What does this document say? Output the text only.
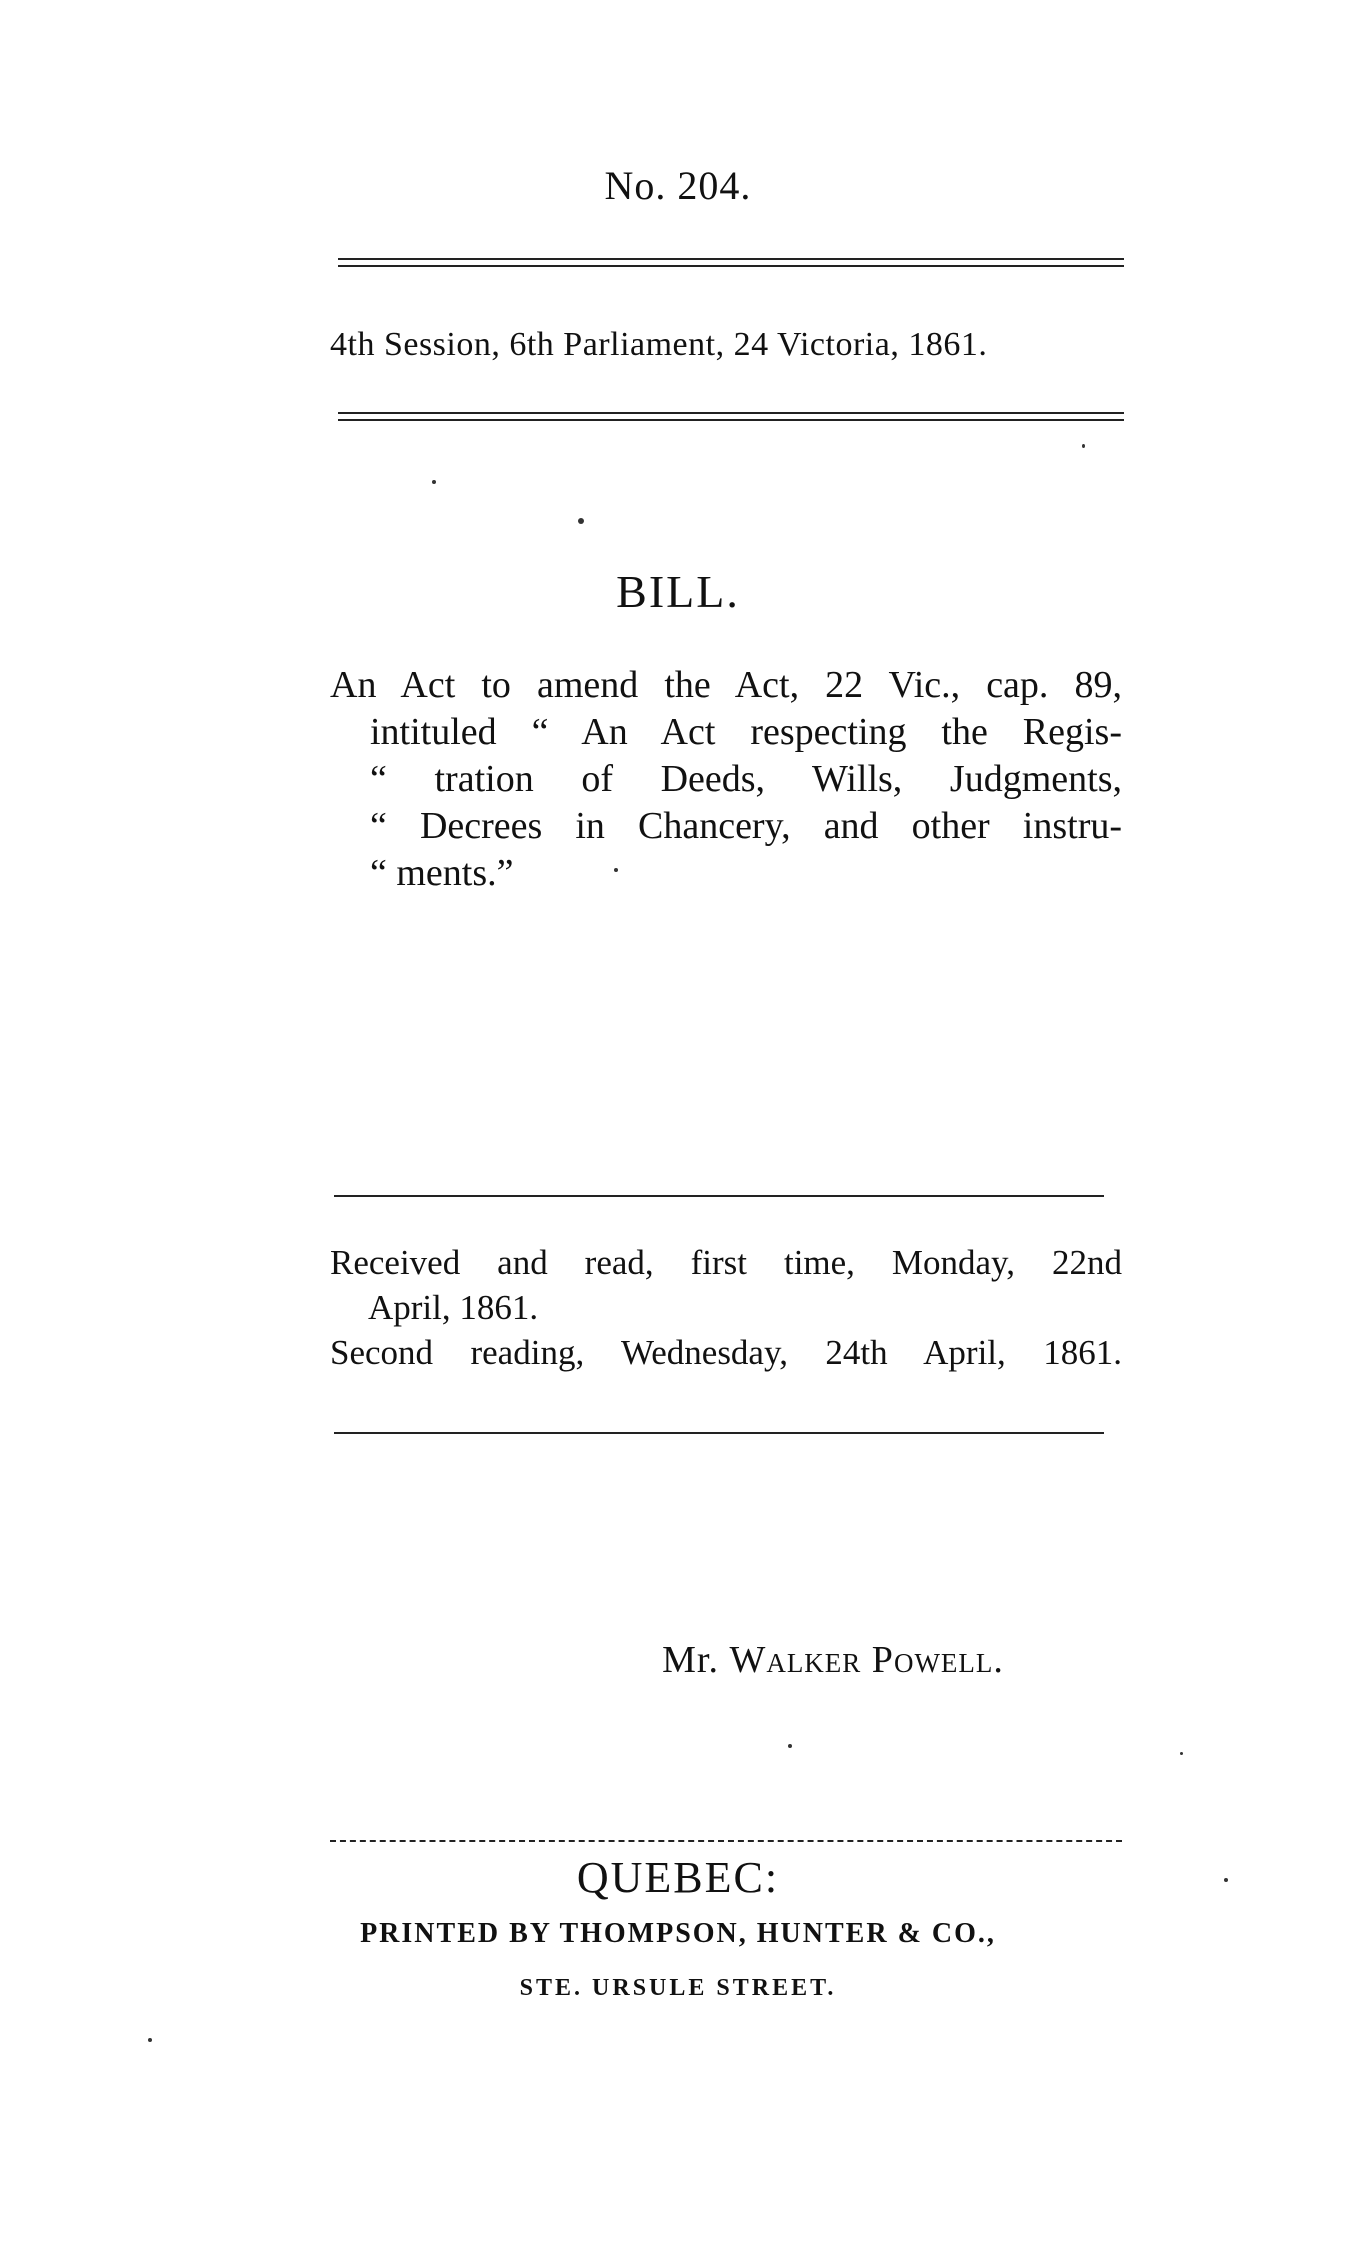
No. 204.
4th Session, 6th Parliament, 24 Victoria, 1861.
BILL.
An Act to amend the Act, 22 Vic., cap. 89,
intituled “ An Act respecting the Regis-
“ tration of Deeds, Wills, Judgments,
“ Decrees in Chancery, and other instru-
“ ments.”
Received and read, first time, Monday, 22nd
April, 1861.
Second reading, Wednesday, 24th April, 1861.
Mr. Walker Powell.
QUEBEC:
PRINTED BY THOMPSON, HUNTER & CO.,
STE. URSULE STREET.
